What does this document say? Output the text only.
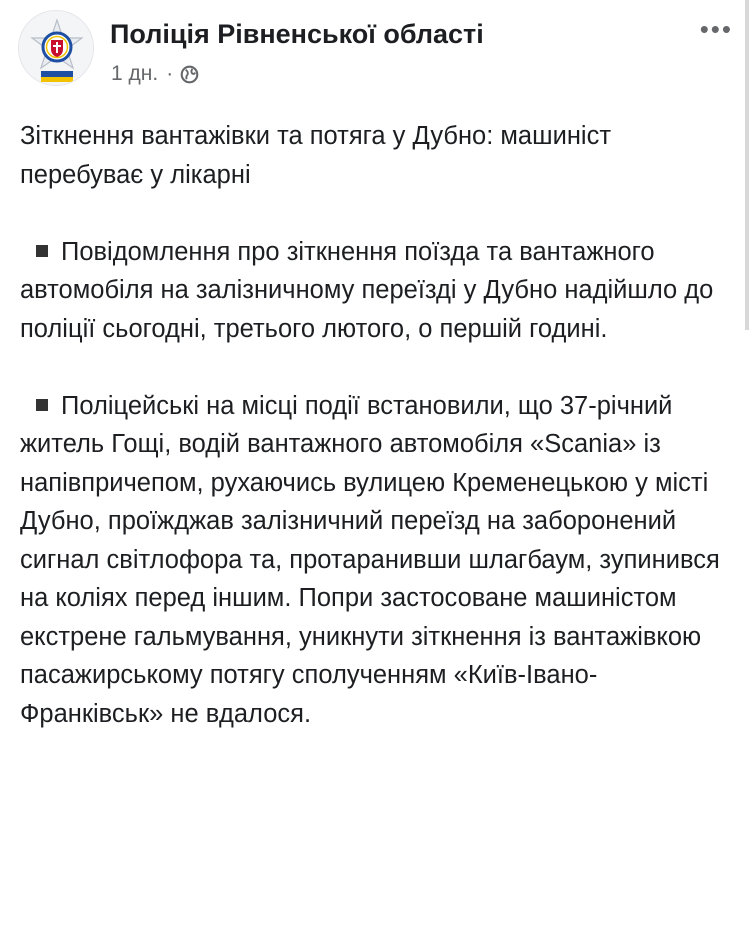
Поліція Рівненської області
1 дн. ·
•••

Зіткнення вантажівки та потяга у Дубно: машиніст перебуває у лікарні

Повідомлення про зіткнення поїзда та вантажного автомобіля на залізничному переїзді у Дубно надійшло до поліції сьогодні, третього лютого, о першій годині.

Поліцейські на місці події встановили, що 37-річний житель Гощі, водій вантажного автомобіля «Scania» із напівпричепом, рухаючись вулицею Кременецькою у місті Дубно, проїжджав залізничний переїзд на заборонений сигнал світлофора та, протаранивши шлагбаум, зупинився на коліях перед іншим. Попри застосоване машиністом екстрене гальмування, уникнути зіткнення із вантажівкою пасажирському потягу сполученням «Київ-Івано-Франківськ» не вдалося.
